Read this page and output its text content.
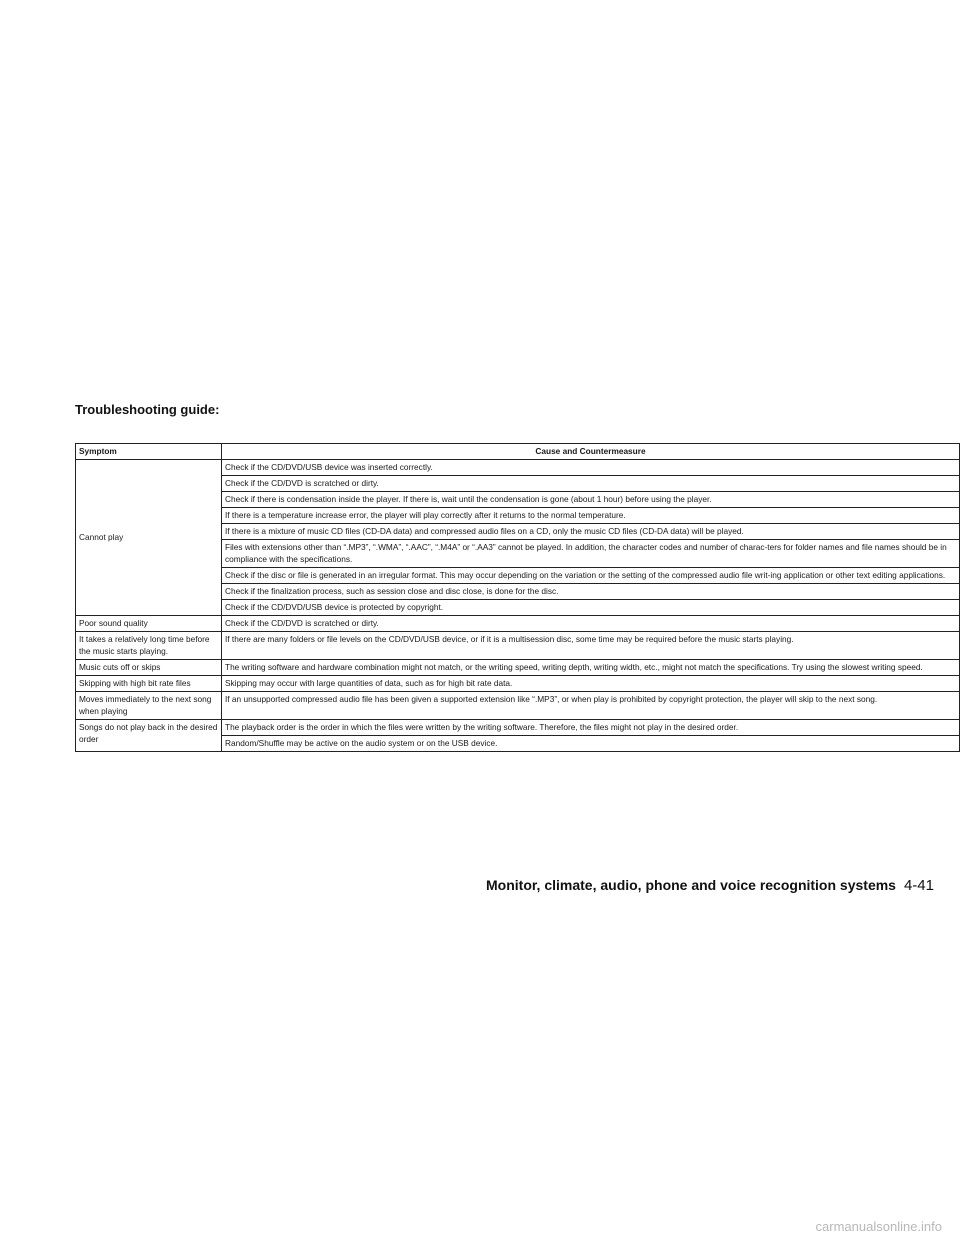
Troubleshooting guide:
Symptom	Cause and Countermeasure
Cannot play	Check if the CD/DVD/USB device was inserted correctly.
	Check if the CD/DVD is scratched or dirty.
	Check if there is condensation inside the player. If there is, wait until the condensation is gone (about 1 hour) before using the player.
	If there is a temperature increase error, the player will play correctly after it returns to the normal temperature.
	If there is a mixture of music CD files (CD-DA data) and compressed audio files on a CD, only the music CD files (CD-DA data) will be played.
	Files with extensions other than “.MP3”, “.WMA”, “.AAC”, “.M4A” or “.AA3” cannot be played. In addition, the character codes and number of charac-ters for folder names and file names should be in compliance with the specifications.
	Check if the disc or file is generated in an irregular format. This may occur depending on the variation or the setting of the compressed audio file writ-ing application or other text editing applications.
	Check if the finalization process, such as session close and disc close, is done for the disc.
	Check if the CD/DVD/USB device is protected by copyright.
Poor sound quality	Check if the CD/DVD is scratched or dirty.
It takes a relatively long time before the music starts playing.	If there are many folders or file levels on the CD/DVD/USB device, or if it is a multisession disc, some time may be required before the music starts playing.
Music cuts off or skips	The writing software and hardware combination might not match, or the writing speed, writing depth, writing width, etc., might not match the specifications. Try using the slowest writing speed.
Skipping with high bit rate files	Skipping may occur with large quantities of data, such as for high bit rate data.
Moves immediately to the next song when playing	If an unsupported compressed audio file has been given a supported extension like “.MP3”, or when play is prohibited by copyright protection, the player will skip to the next song.
Songs do not play back in the desired order	The playback order is the order in which the files were written by the writing software. Therefore, the files might not play in the desired order.
	Random/Shuffle may be active on the audio system or on the USB device.
Monitor, climate, audio, phone and voice recognition systems 4-41
carmanualsonline.info
